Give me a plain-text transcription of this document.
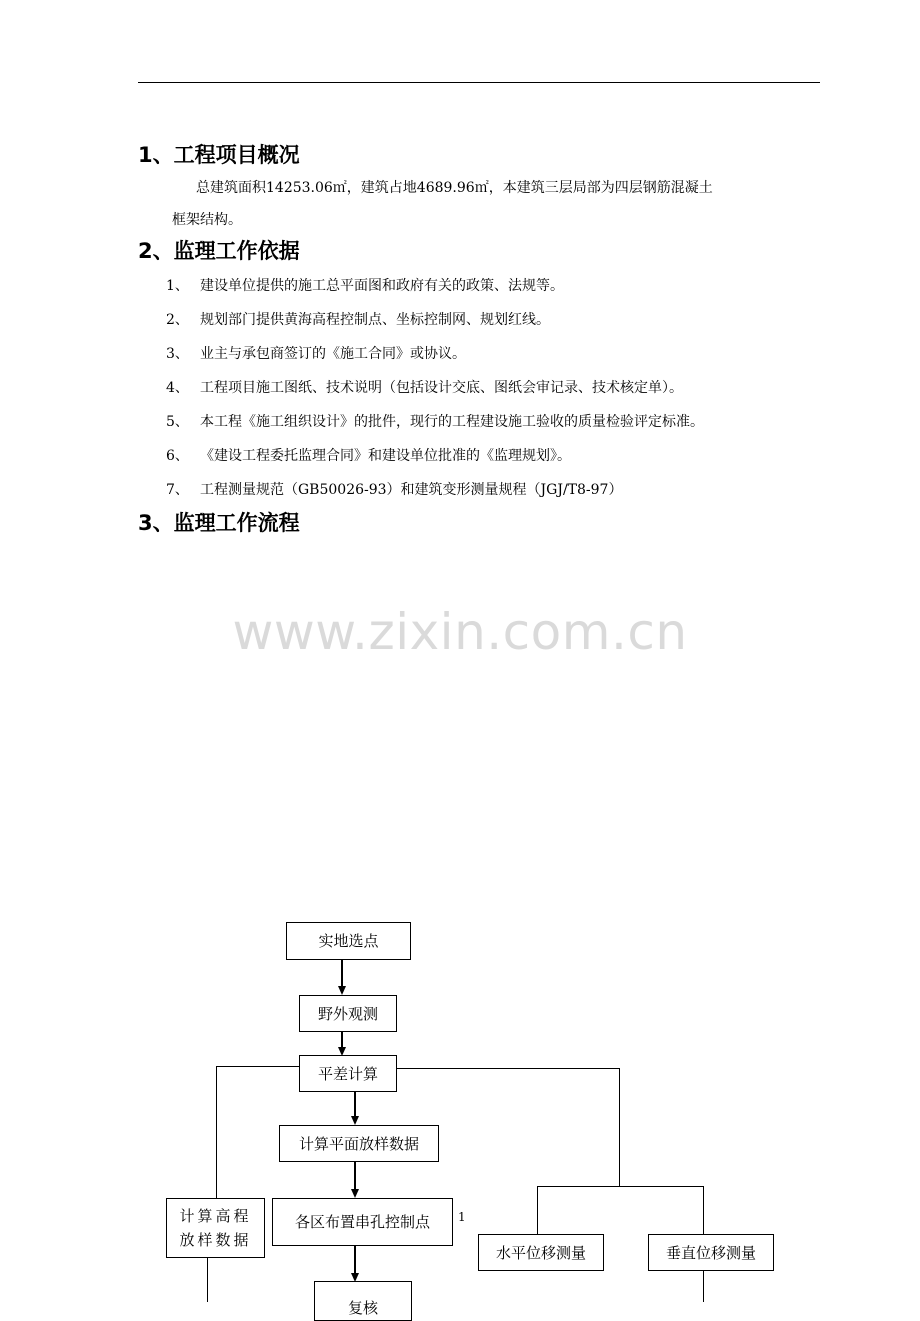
1、工程项目概况
总建筑面积14253.06㎡，建筑占地4689.96㎡，本建筑三层局部为四层钢筋混凝土
框架结构。
2、监理工作依据
1、 建设单位提供的施工总平面图和政府有关的政策、法规等。
2、 规划部门提供黄海高程控制点、坐标控制网、规划红线。
3、 业主与承包商签订的《施工合同》或协议。
4、 工程项目施工图纸、技术说明（包括设计交底、图纸会审记录、技术核定单）。
5、 本工程《施工组织设计》的批件，现行的工程建设施工验收的质量检验评定标准。
6、 《建设工程委托监理合同》和建设单位批准的《监理规划》。
7、 工程测量规范（GB50026-93）和建筑变形测量规程（JGJ/T8-97）
3、监理工作流程
www.zixin.com.cn
实地选点
野外观测
平差计算
计算平面放样数据
计算高程
放样数据
各区布置串孔控制点	1
复核
水平位移测量	垂直位移测量
